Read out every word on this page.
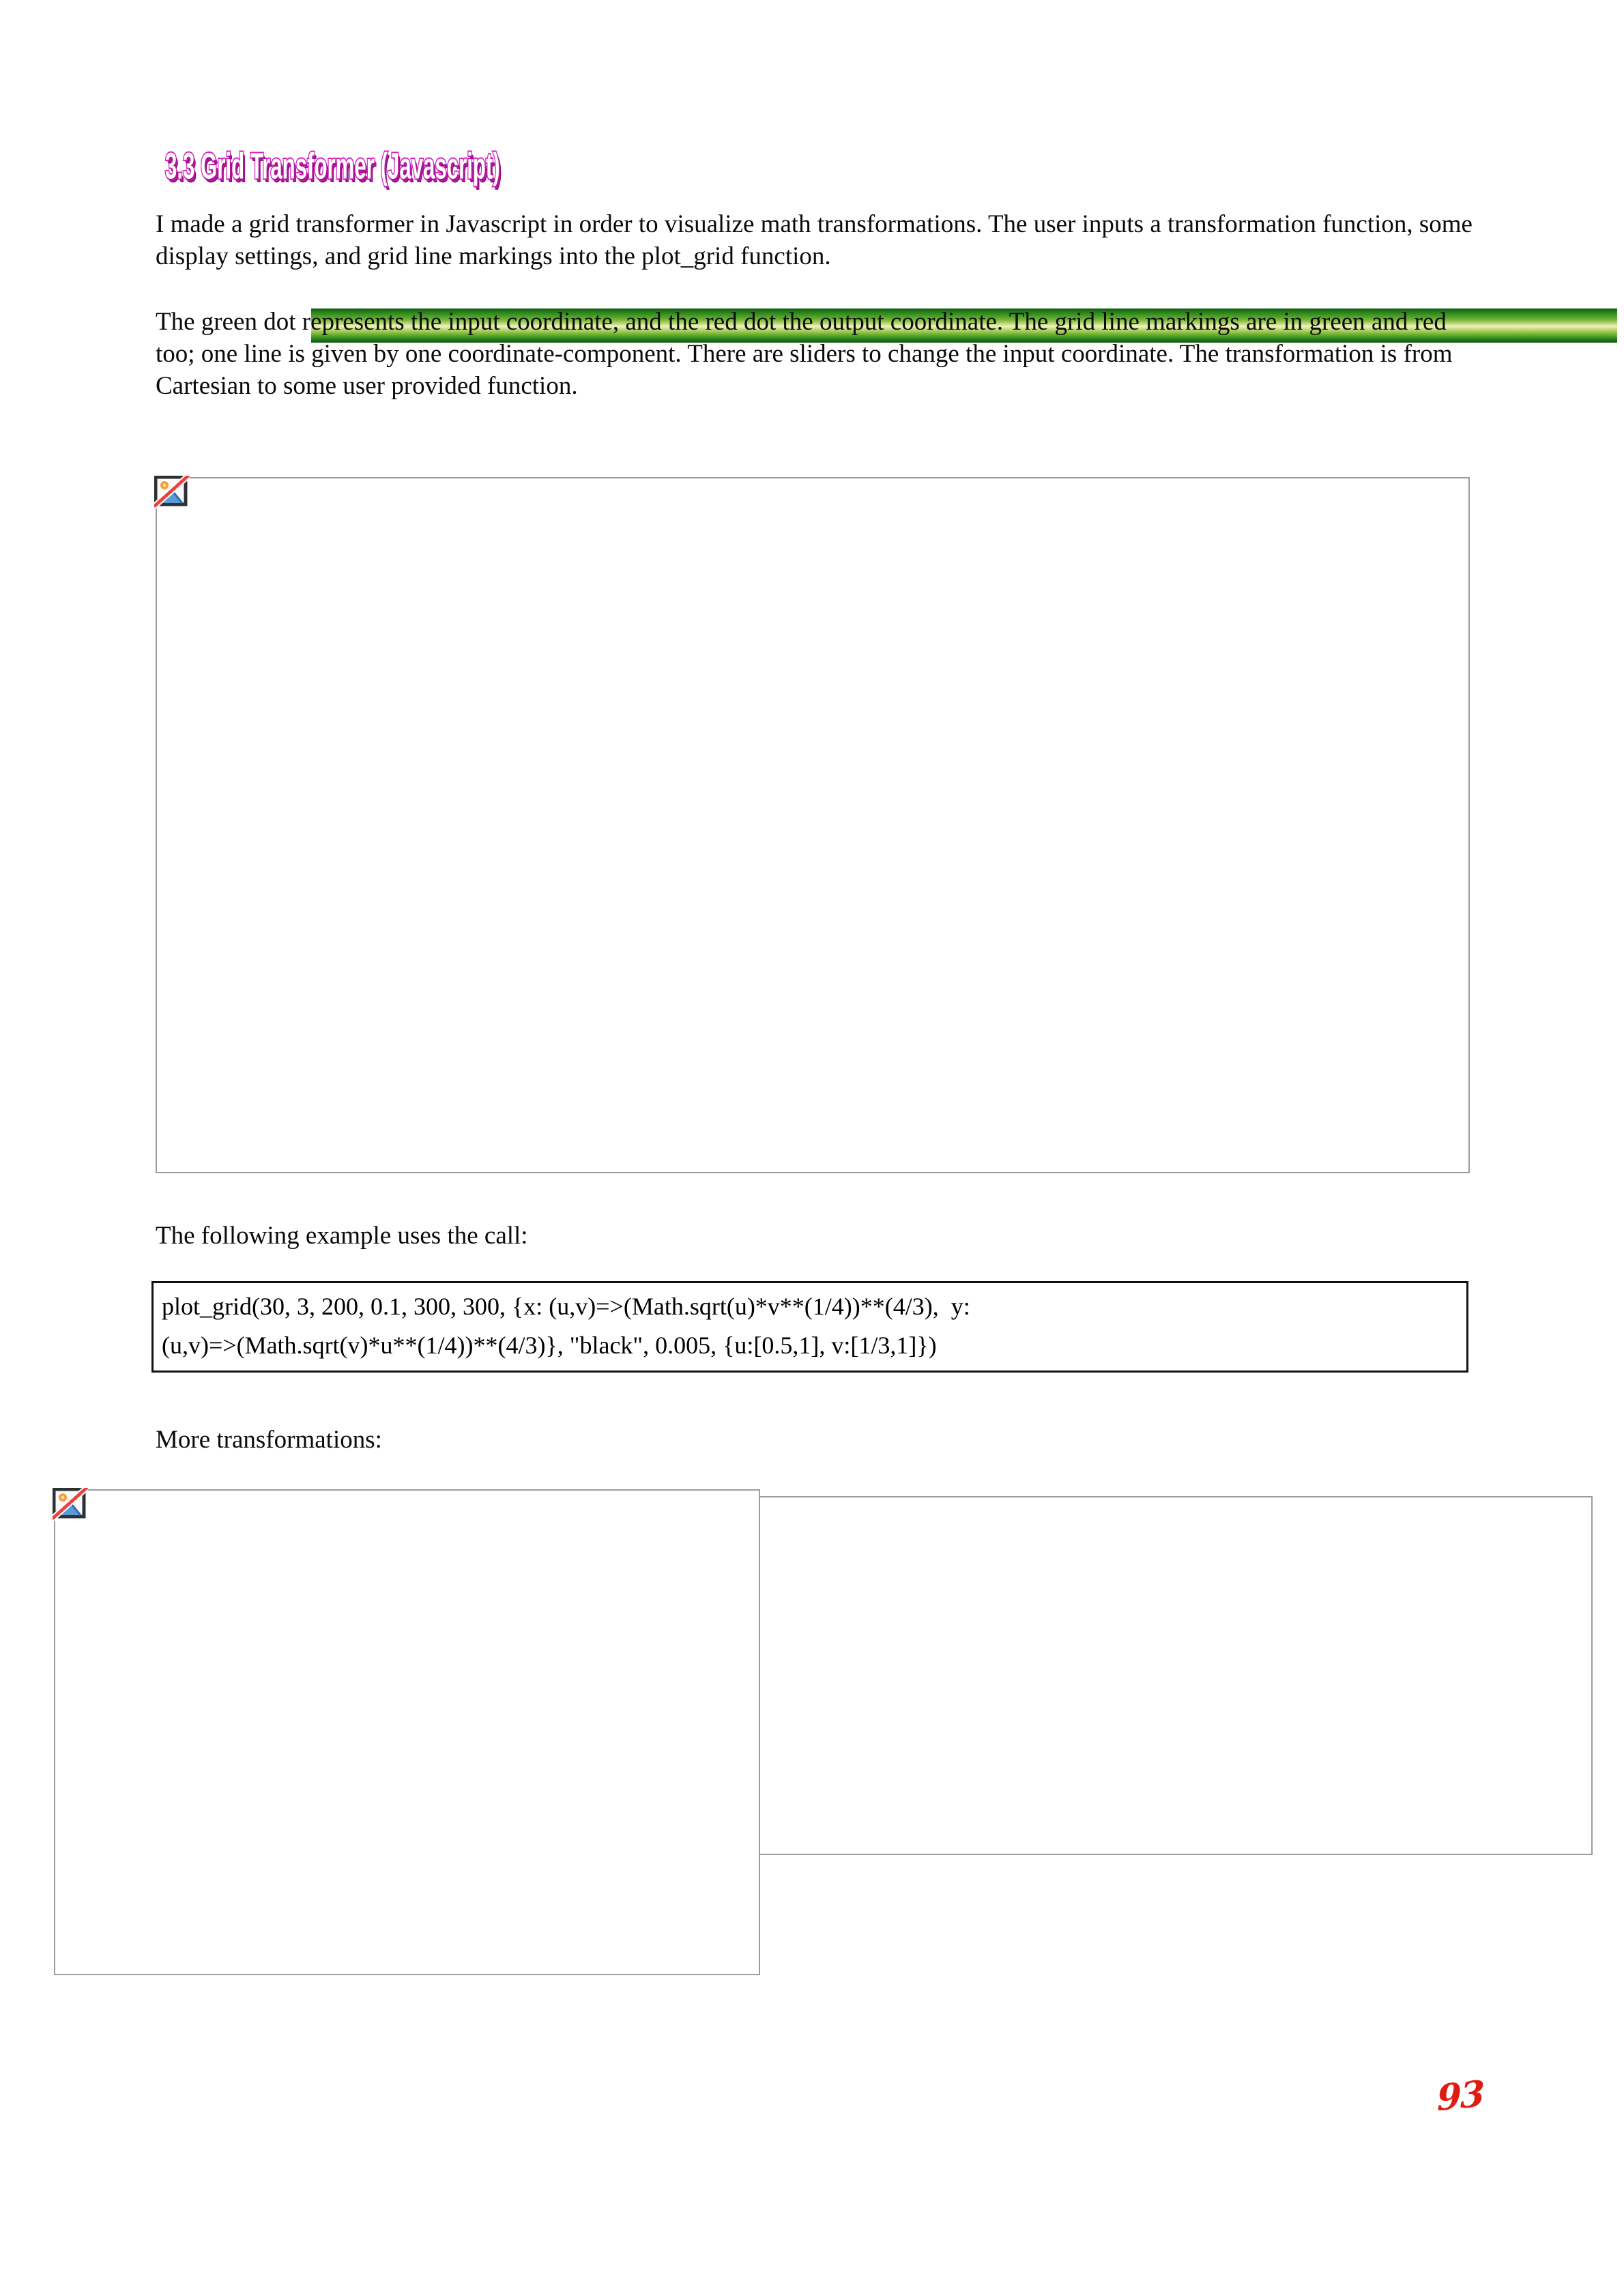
3.3 Grid Transformer (Javascript)
I made a grid transformer in Javascript in order to visualize math transformations. The user inputs a transformation function, some display settings, and grid line markings into the plot_grid function.
The green dot represents the input coordinate, and the red dot the output coordinate. The grid line markings are in green and red too; one line is given by one coordinate-component. There are sliders to change the input coordinate. The transformation is from Cartesian to some user provided function.
The following example uses the call:
plot_grid(30, 3, 200, 0.1, 300, 300, {x: (u,v)=>(Math.sqrt(u)*v**(1/4))**(4/3),  y:
(u,v)=>(Math.sqrt(v)*u**(1/4))**(4/3)}, "black", 0.005, {u:[0.5,1], v:[1/3,1]})
More transformations:
93
